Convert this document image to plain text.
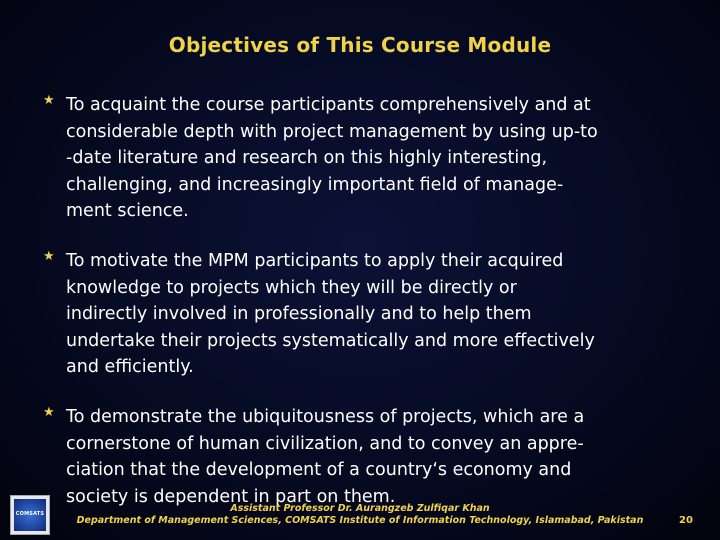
Objectives of This Course Module
★ To acquaint the course participants comprehensively and at
considerable depth with project management by using up-to
-date literature and research on this highly interesting,
challenging, and increasingly important field of manage-
ment science.
★ To motivate the MPM participants to apply their acquired
knowledge to projects which they will be directly or
indirectly involved in professionally and to help them
undertake their projects systematically and more effectively
and efficiently.
★ To demonstrate the ubiquitousness of projects, which are a
cornerstone of human civilization, and to convey an appre-
ciation that the development of a country‘s economy and
society is dependent in part on them.
COMSATS	Assistant Professor Dr. Aurangzeb Zulfiqar Khan
Department of Management Sciences, COMSATS Institute of Information Technology, Islamabad, Pakistan	20
